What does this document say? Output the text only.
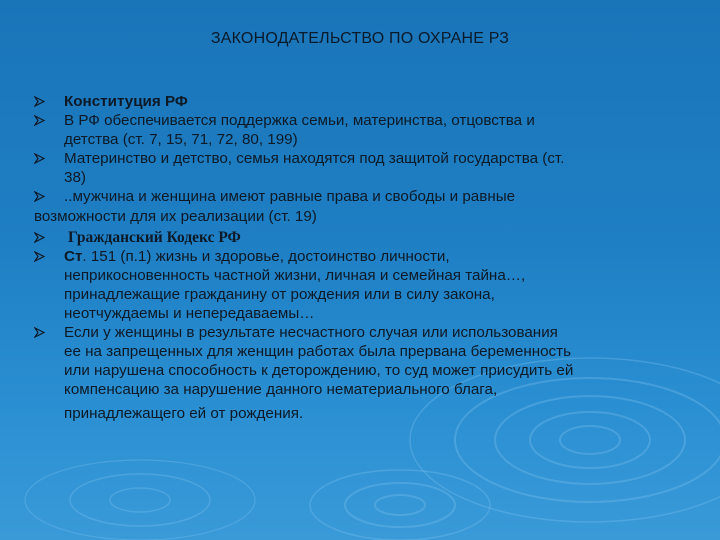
ЗАКОНОДАТЕЛЬСТВО ПО ОХРАНЕ РЗ
Конституция РФ
В РФ обеспечивается поддержка семьи, материнства, отцовства и
детства (ст. 7, 15, 71, 72, 80, 199)
Материнство и детство, семья находятся под защитой государства (ст.
38)
..мужчина и женщина имеют равные права и свободы и равные
возможности для их реализации (ст. 19)
Гражданский Кодекс РФ
Ст. 151 (п.1) жизнь и здоровье, достоинство личности,
неприкосновенность частной жизни, личная и семейная тайна…,
принадлежащие гражданину от рождения или в силу закона,
неотчуждаемы и непередаваемы…
Если у женщины в результате несчастного случая или использования
ее на запрещенных для женщин работах была прервана беременность
или нарушена способность к деторождению, то суд может присудить ей
компенсацию за нарушение данного нематериального блага,
принадлежащего ей от рождения.
